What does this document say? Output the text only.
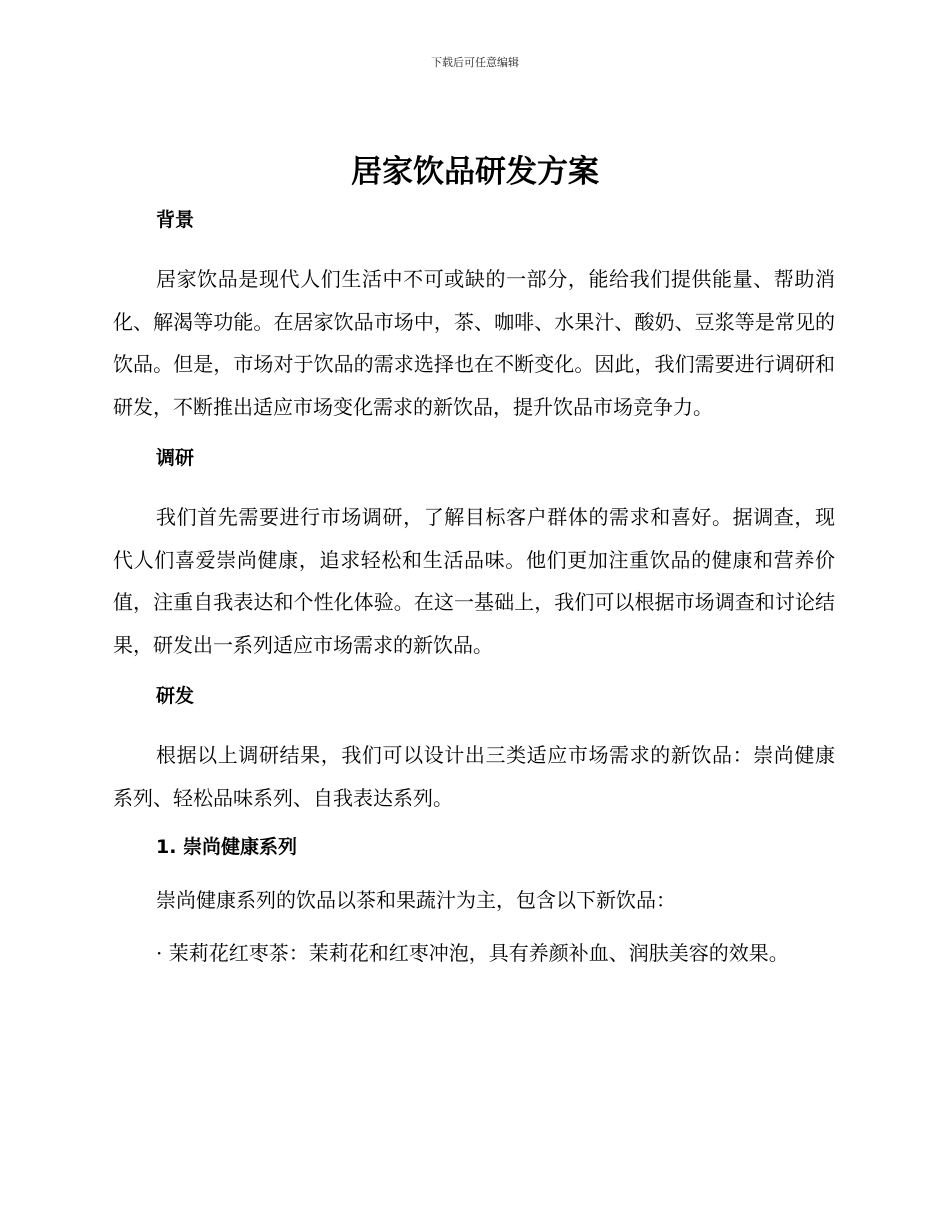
下载后可任意编辑
居家饮品研发方案
背景

居家饮品是现代人们生活中不可或缺的一部分，能给我们提供能量、帮助消化、解渴等功能。在居家饮品市场中，茶、咖啡、水果汁、酸奶、豆浆等是常见的饮品。但是，市场对于饮品的需求选择也在不断变化。因此，我们需要进行调研和研发，不断推出适应市场变化需求的新饮品，提升饮品市场竞争力。

调研

我们首先需要进行市场调研，了解目标客户群体的需求和喜好。据调查，现代人们喜爱崇尚健康，追求轻松和生活品味。他们更加注重饮品的健康和营养价值，注重自我表达和个性化体验。在这一基础上，我们可以根据市场调查和讨论结果，研发出一系列适应市场需求的新饮品。

研发

根据以上调研结果，我们可以设计出三类适应市场需求的新饮品：崇尚健康系列、轻松品味系列、自我表达系列。

1. 崇尚健康系列

崇尚健康系列的饮品以茶和果蔬汁为主，包含以下新饮品：

· 茉莉花红枣茶：茉莉花和红枣冲泡，具有养颜补血、润肤美容的效果。
